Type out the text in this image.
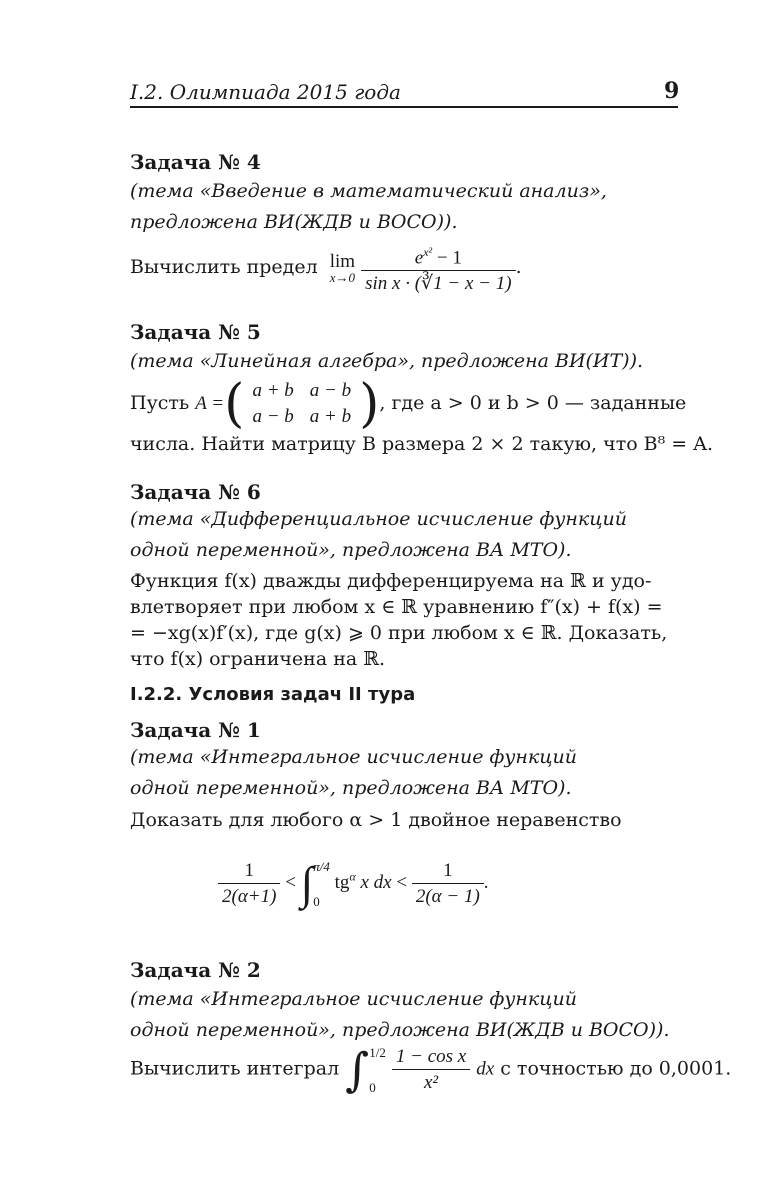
I.2. Олимпиада 2015 года	9
Задача № 4
(тема «Введение в математический анализ»,
предложена ВИ(ЖДВ и ВОСО)).
Вычислить предел lim
x→0
$\frac{e^{x^2} - 1}{\text{sin x · (∛1 − x − 1)}}$ .
Задача № 5
(тема «Линейная алгебра», предложена ВИ(ИТ)).
Пусть A =( a + b	a − b
a − b	a + b ), где a > 0 и b > 0 — заданные
числа. Найти матрицу B размера 2 × 2 такую, что B⁸ = A.
Задача № 6
(тема «Дифференциальное исчисление функций
одной переменной», предложена ВА МТО).
Функция f(x) дважды дифференцируема на ℝ и удо-
влетворяет при любом x ∈ ℝ уравнению f″(x) + f(x) =
= −xg(x)f′(x), где g(x) ⩾ 0 при любом x ∈ ℝ. Доказать,
что f(x) ограничена на ℝ.
I.2.2. Условия задач II тура
Задача № 1
(тема «Интегральное исчисление функций
одной переменной», предложена ВА МТО).
Доказать для любого α > 1 двойное неравенство
$\frac{1}{2(\alpha+1)}$ < ∫ π/4
0
$tg^\alpha$ x dx < $\frac{1}{2(\alpha - 1)}$ .
Задача № 2
(тема «Интегральное исчисление функций
одной переменной», предложена ВИ(ЖДВ и ВОСО)).
Вычислить интеграл ∫ 1/2
0
$\frac{\text{1 − cos x}}{\text{x²}}$ dx с точностью до 0,0001.
